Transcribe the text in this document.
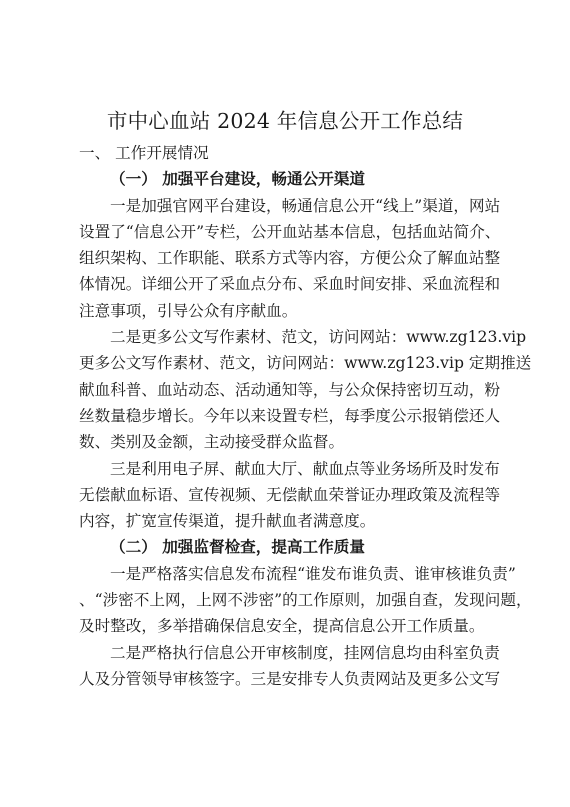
市中心血站 2024 年信息公开工作总结
一、 工作开展情况
（一） 加强平台建设，畅通公开渠道
一是加强官网平台建设，畅通信息公开“线上”渠道，网站
设置了“信息公开”专栏，公开血站基本信息，包括血站简介、
组织架构、工作职能、联系方式等内容，方便公众了解血站整
体情况。详细公开了采血点分布、采血时间安排、采血流程和
注意事项，引导公众有序献血。
二是更多公文写作素材、范文，访问网站：www.zg123.vip
更多公文写作素材、范文，访问网站：www.zg123.vip 定期推送
献血科普、血站动态、活动通知等，与公众保持密切互动，粉
丝数量稳步增长。今年以来设置专栏，每季度公示报销偿还人
数、类别及金额，主动接受群众监督。
三是利用电子屏、献血大厅、献血点等业务场所及时发布
无偿献血标语、宣传视频、无偿献血荣誉证办理政策及流程等
内容，扩宽宣传渠道，提升献血者满意度。
（二） 加强监督检查，提高工作质量
一是严格落实信息发布流程“谁发布谁负责、谁审核谁负责”
、“涉密不上网，上网不涉密”的工作原则，加强自查，发现问题，
及时整改，多举措确保信息安全，提高信息公开工作质量。
二是严格执行信息公开审核制度，挂网信息均由科室负责
人及分管领导审核签字。三是安排专人负责网站及更多公文写
